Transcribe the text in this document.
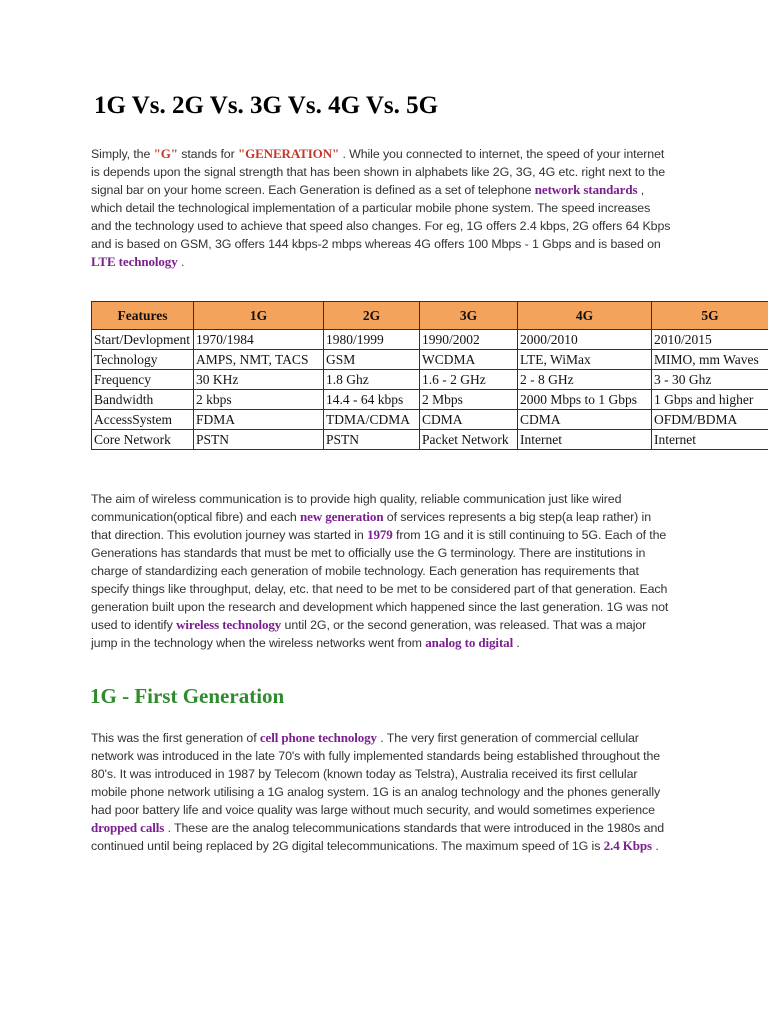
1G Vs. 2G Vs. 3G Vs. 4G Vs. 5G

Simply, the "G" stands for "GENERATION" . While you connected to internet, the speed of your internet is depends upon the signal strength that has been shown in alphabets like 2G, 3G, 4G etc. right next to the signal bar on your home screen. Each Generation is defined as a set of telephone network standards , which detail the technological implementation of a particular mobile phone system. The speed increases and the technology used to achieve that speed also changes. For eg, 1G offers 2.4 kbps, 2G offers 64 Kbps and is based on GSM, 3G offers 144 kbps-2 mbps whereas 4G offers 100 Mbps - 1 Gbps and is based on LTE technology .

Features	1G	2G	3G	4G	5G
Start/Devlopment	1970/1984	1980/1999	1990/2002	2000/2010	2010/2015
Technology	AMPS, NMT, TACS	GSM	WCDMA	LTE, WiMax	MIMO, mm Waves
Frequency	30 KHz	1.8 Ghz	1.6 - 2 GHz	2 - 8 GHz	3 - 30 Ghz
Bandwidth	2 kbps	14.4 - 64 kbps	2 Mbps	2000 Mbps to 1 Gbps	1 Gbps and higher
AccessSystem	FDMA	TDMA/CDMA	CDMA	CDMA	OFDM/BDMA
Core Network	PSTN	PSTN	Packet Network	Internet	Internet

The aim of wireless communication is to provide high quality, reliable communication just like wired communication(optical fibre) and each new generation of services represents a big step(a leap rather) in that direction. This evolution journey was started in 1979 from 1G and it is still continuing to 5G. Each of the Generations has standards that must be met to officially use the G terminology. There are institutions in charge of standardizing each generation of mobile technology. Each generation has requirements that specify things like throughput, delay, etc. that need to be met to be considered part of that generation. Each generation built upon the research and development which happened since the last generation. 1G was not used to identify wireless technology until 2G, or the second generation, was released. That was a major jump in the technology when the wireless networks went from analog to digital .

1G - First Generation

This was the first generation of cell phone technology . The very first generation of commercial cellular network was introduced in the late 70's with fully implemented standards being established throughout the 80's. It was introduced in 1987 by Telecom (known today as Telstra), Australia received its first cellular mobile phone network utilising a 1G analog system. 1G is an analog technology and the phones generally had poor battery life and voice quality was large without much security, and would sometimes experience dropped calls . These are the analog telecommunications standards that were introduced in the 1980s and continued until being replaced by 2G digital telecommunications. The maximum speed of 1G is 2.4 Kbps .
